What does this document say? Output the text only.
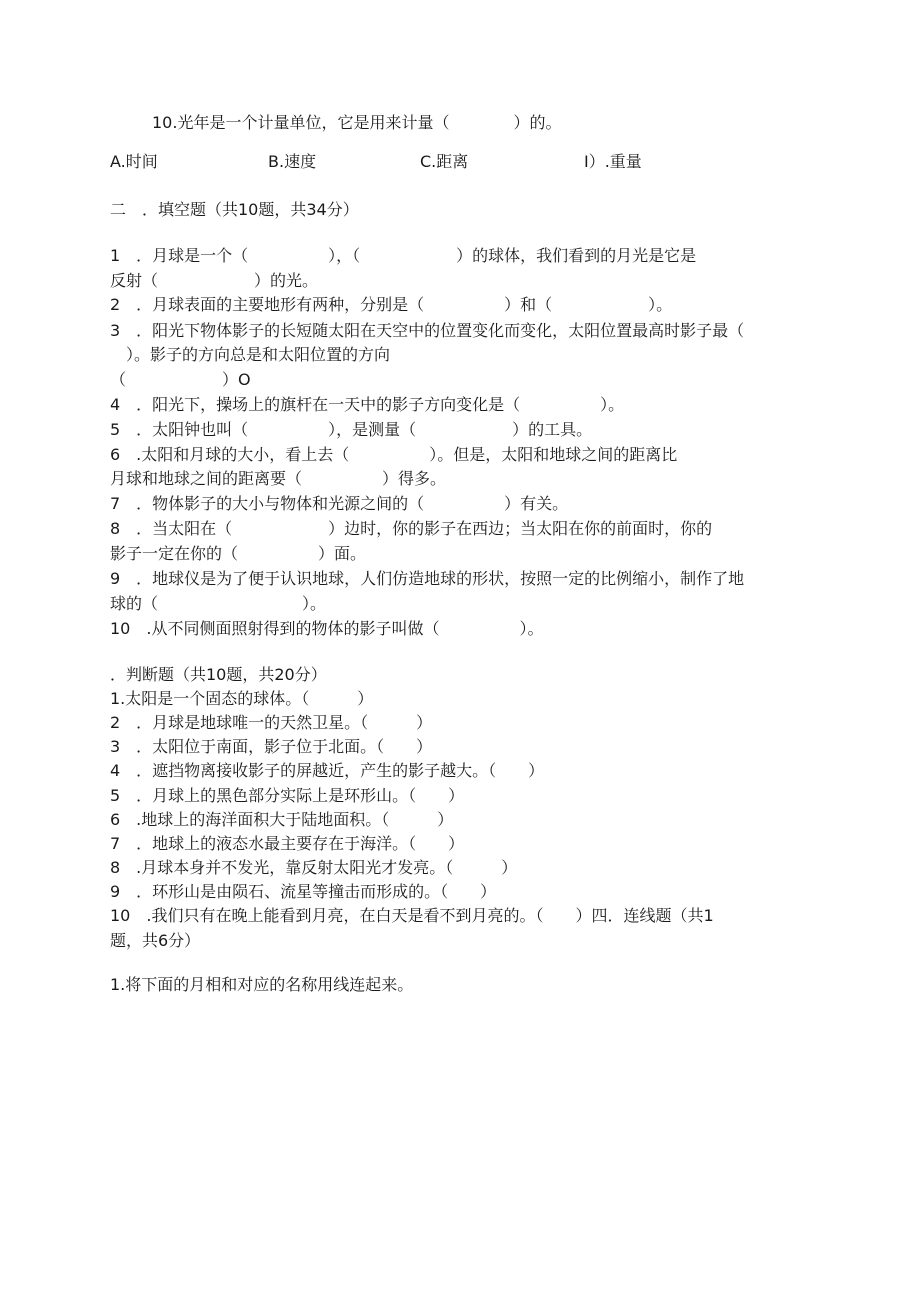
10.光年是一个计量单位，它是用来计量（　　　　）的。
A.时间	B.速度	C.距离	I）.重量
二　．填空题（共10题，共34分）
1　．月球是一个（　　　　　），（　　　　　　）的球体，我们看到的月光是它是
反射（　　　　　　）的光。
2　．月球表面的主要地形有两种，分别是（　　　　　）和（　　　　　　）。
3　．阳光下物体影子的长短随太阳在天空中的位置变化而变化，太阳位置最高时影子最（
　）。影子的方向总是和太阳位置的方向
（　　　　　　）O
4　．阳光下，操场上的旗杆在一天中的影子方向变化是（　　　　　）。
5　．太阳钟也叫（　　　　　），是测量（　　　　　　）的工具。
6　.太阳和月球的大小，看上去（　　　　　）。但是，太阳和地球之间的距离比
月球和地球之间的距离要（　　　　　）得多。
7　．物体影子的大小与物体和光源之间的（　　　　　）有关。
8　．当太阳在（　　　　　　）边时，你的影子在西边；当太阳在你的前面时，你的
影子一定在你的（　　　　　）面。
9　．地球仪是为了便于认识地球，人们仿造地球的形状，按照一定的比例缩小，制作了地
球的（　　　　　　　　　）。
10　.从不同侧面照射得到的物体的影子叫做（　　　　　）。
．判断题（共10题，共20分）
1.太阳是一个固态的球体。（　　　）
2　．月球是地球唯一的天然卫星。（　　　）
3　．太阳位于南面，影子位于北面。（　　）
4　．遮挡物离接收影子的屏越近，产生的影子越大。（　　）
5　．月球上的黑色部分实际上是环形山。（　　）
6　.地球上的海洋面积大于陆地面积。（　　　）
7　．地球上的液态水最主要存在于海洋。（　　）
8　.月球本身并不发光，靠反射太阳光才发亮。（　　　）
9　．环形山是由陨石、流星等撞击而形成的。（　　）
10　.我们只有在晚上能看到月亮，在白天是看不到月亮的。（　　）四．连线题（共1
题，共6分）
1.将下面的月相和对应的名称用线连起来。
